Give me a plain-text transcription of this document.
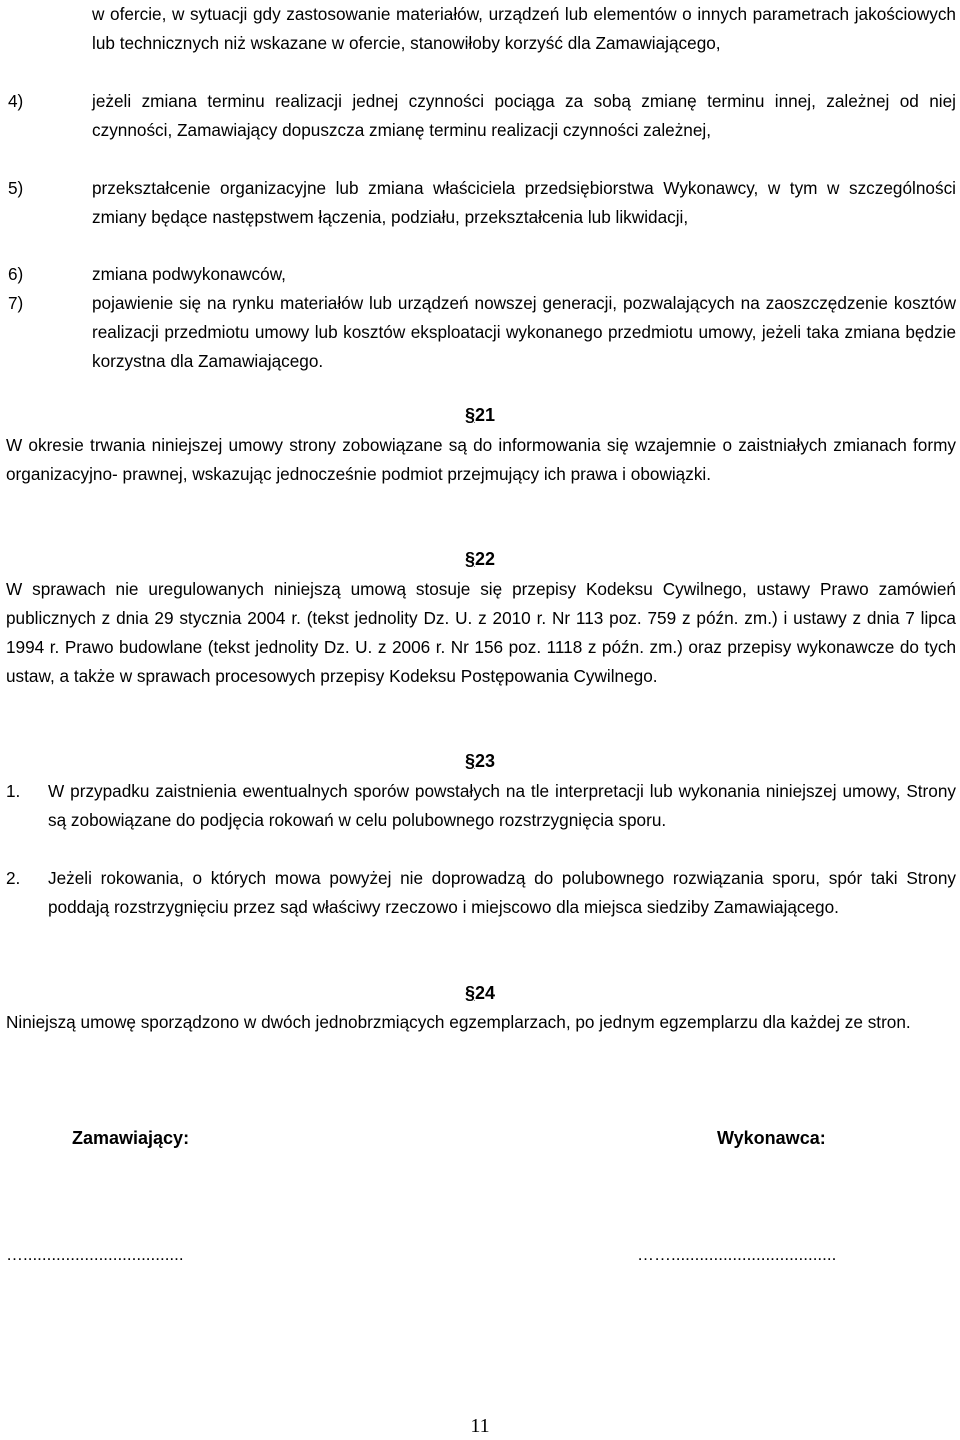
w ofercie, w sytuacji gdy zastosowanie materiałów, urządzeń lub elementów o innych parametrach jakościowych lub technicznych niż wskazane w ofercie, stanowiłoby korzyść dla Zamawiającego,
4)	jeżeli zmiana terminu realizacji jednej czynności pociąga za sobą zmianę terminu innej, zależnej od niej czynności, Zamawiający dopuszcza zmianę terminu realizacji czynności zależnej,
5)	przekształcenie organizacyjne lub zmiana właściciela przedsiębiorstwa Wykonawcy, w tym w szczególności zmiany będące następstwem łączenia, podziału, przekształcenia lub likwidacji,
6)	zmiana podwykonawców,
7)	pojawienie się na rynku materiałów lub urządzeń nowszej generacji, pozwalających na zaoszczędzenie kosztów realizacji przedmiotu umowy lub kosztów eksploatacji wykonanego przedmiotu umowy, jeżeli taka zmiana będzie korzystna dla Zamawiającego.
§21
W okresie trwania niniejszej umowy strony zobowiązane są do informowania się wzajemnie o zaistniałych zmianach formy organizacyjno- prawnej, wskazując jednocześnie podmiot przejmujący ich prawa i obowiązki.
§22
W sprawach nie uregulowanych niniejszą umową stosuje się przepisy Kodeksu Cywilnego, ustawy Prawo zamówień publicznych z dnia 29 stycznia 2004 r. (tekst jednolity Dz. U. z 2010 r. Nr 113 poz. 759 z późn. zm.) i ustawy z dnia 7 lipca 1994 r. Prawo budowlane (tekst jednolity Dz. U. z 2006 r. Nr 156 poz. 1118 z późn. zm.) oraz przepisy wykonawcze do tych ustaw, a także w sprawach procesowych przepisy Kodeksu Postępowania Cywilnego.
§23
1. W przypadku zaistnienia ewentualnych sporów powstałych na tle interpretacji lub wykonania niniejszej umowy, Strony są zobowiązane do podjęcia rokowań w celu polubownego rozstrzygnięcia sporu.
2. Jeżeli rokowania, o których mowa powyżej nie doprowadzą do polubownego rozwiązania sporu, spór taki Strony poddają rozstrzygnięciu przez sąd właściwy rzeczowo i miejscowo dla miejsca siedziby Zamawiającego.
§24
Niniejszą umowę sporządzono w dwóch jednobrzmiących egzemplarzach, po jednym egzemplarzu dla każdej ze stron.
Zamawiający:	Wykonawca:
…..................................	……...................................
11
